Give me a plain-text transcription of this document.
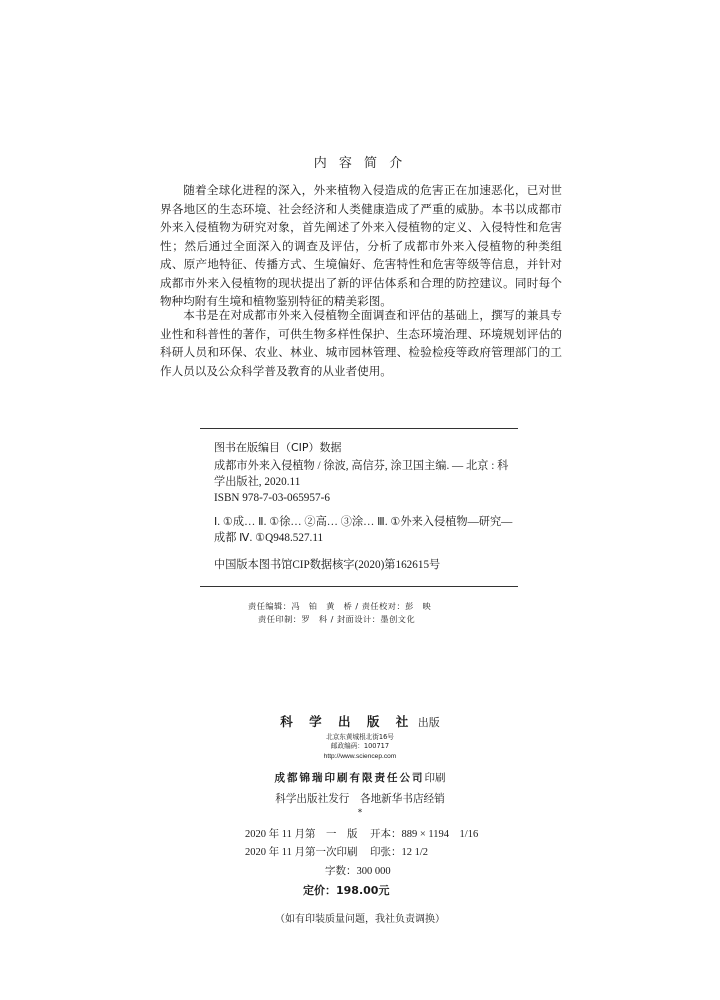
内 容 简 介

随着全球化进程的深入，外来植物入侵造成的危害正在加速恶化，已对世界各地区的生态环境、社会经济和人类健康造成了严重的威胁。本书以成都市外来入侵植物为研究对象，首先阐述了外来入侵植物的定义、入侵特性和危害性；然后通过全面深入的调查及评估，分析了成都市外来入侵植物的种类组成、原产地特征、传播方式、生境偏好、危害特性和危害等级等信息，并针对成都市外来入侵植物的现状提出了新的评估体系和合理的防控建议。同时每个物种均附有生境和植物鉴别特征的精美彩图。

本书是在对成都市外来入侵植物全面调查和评估的基础上，撰写的兼具专业性和科普性的著作，可供生物多样性保护、生态环境治理、环境规划评估的科研人员和环保、农业、林业、城市园林管理、检验检疫等政府管理部门的工作人员以及公众科学普及教育的从业者使用。

图书在版编目（CIP）数据
成都市外来入侵植物 / 徐波, 高信芬, 涂卫国主编. — 北京 : 科学出版社, 2020.11
ISBN 978-7-03-065957-6
Ⅰ. ①成… Ⅱ. ①徐… ②高… ③涂… Ⅲ. ①外来入侵植物—研究—成都 Ⅳ. ①Q948.527.11
中国版本图书馆CIP数据核字(2020)第162615号
责任编辑：冯　铂　黄　桥 / 责任校对：彭　映
责任印制：罗　科 / 封面设计：墨创文化
科 学 出 版 社 出版
北京东黄城根北街16号
邮政编码：100717
http://www.sciencep.com
成都锦瑞印刷有限责任公司印刷
科学出版社发行　各地新华书店经销
*
2020 年 11 月第　一　版 开本：889 × 1194　1/16
2020 年 11 月第一次印刷 印张：12 1/2
字数：300 000
定价：198.00元
（如有印装质量问题，我社负责调换）
